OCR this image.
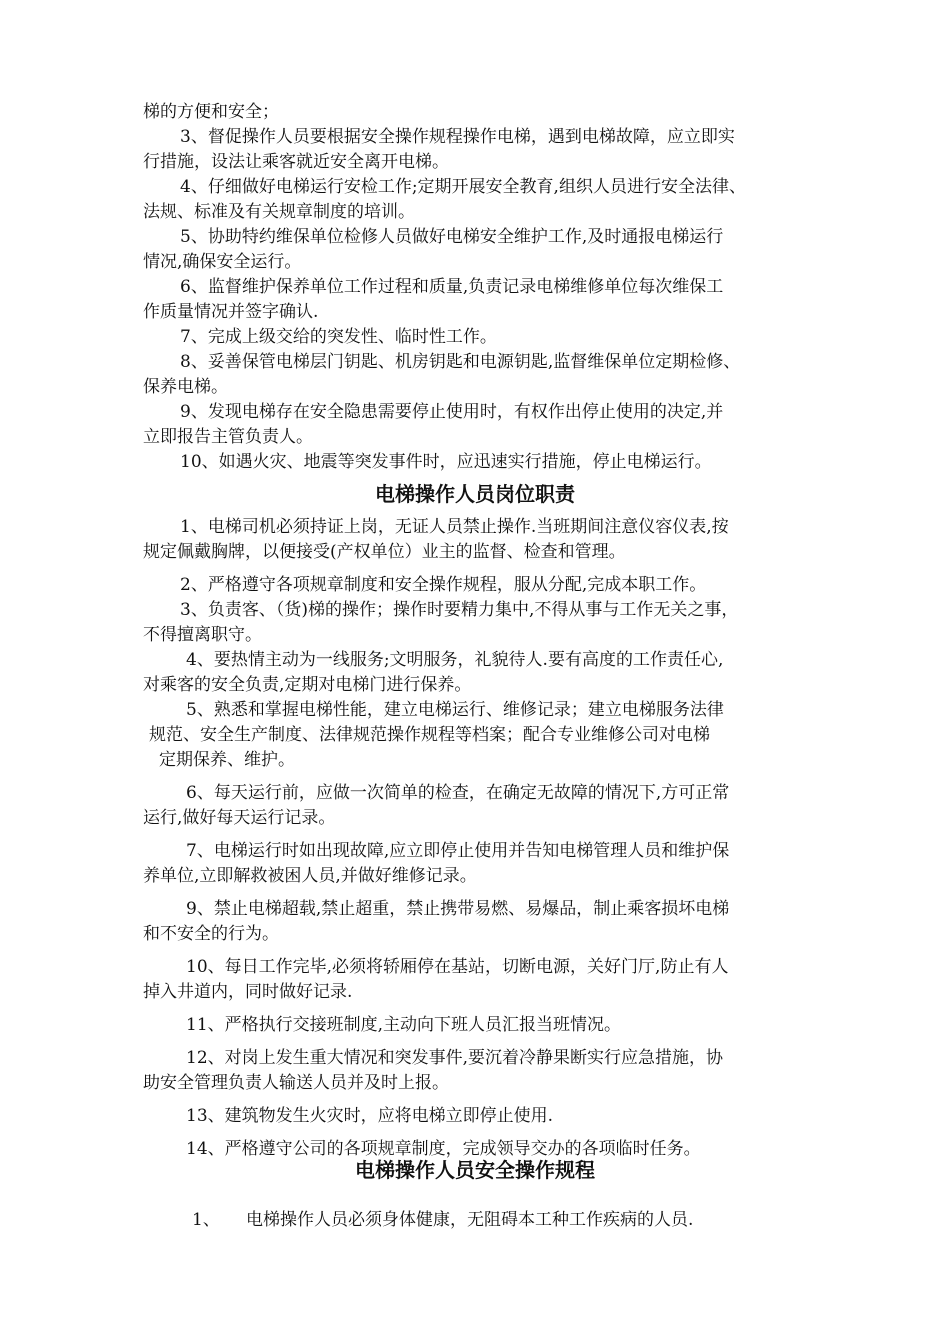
梯的方便和安全；

3、督促操作人员要根据安全操作规程操作电梯，遇到电梯故障，应立即实

行措施，设法让乘客就近安全离开电梯。

4、仔细做好电梯运行安检工作;定期开展安全教育,组织人员进行安全法律、

法规、标准及有关规章制度的培训。

5、协助特约维保单位检修人员做好电梯安全维护工作,及时通报电梯运行

情况,确保安全运行。

6、监督维护保养单位工作过程和质量,负责记录电梯维修单位每次维保工

作质量情况并签字确认.

7、完成上级交给的突发性、临时性工作。

8、妥善保管电梯层门钥匙、机房钥匙和电源钥匙,监督维保单位定期检修、

保养电梯。

9、发现电梯存在安全隐患需要停止使用时，有权作出停止使用的决定,并

立即报告主管负责人。

10、如遇火灾、地震等突发事件时，应迅速实行措施，停止电梯运行。

电梯操作人员岗位职责

1、电梯司机必须持证上岗，无证人员禁止操作.当班期间注意仪容仪表,按

规定佩戴胸牌，以便接受(产权单位）业主的监督、检查和管理。

2、严格遵守各项规章制度和安全操作规程，服从分配,完成本职工作。

3、负责客、（货)梯的操作；操作时要精力集中,不得从事与工作无关之事，

不得擅离职守。

4、要热情主动为一线服务;文明服务，礼貌待人.要有高度的工作责任心,

对乘客的安全负责,定期对电梯门进行保养。

5、熟悉和掌握电梯性能，建立电梯运行、维修记录；建立电梯服务法律

规范、安全生产制度、法律规范操作规程等档案；配合专业维修公司对电梯

定期保养、维护。

6、每天运行前，应做一次简单的检查，在确定无故障的情况下,方可正常

运行,做好每天运行记录。

7、电梯运行时如出现故障,应立即停止使用并告知电梯管理人员和维护保

养单位,立即解救被困人员,并做好维修记录。

9、禁止电梯超载,禁止超重，禁止携带易燃、易爆品，制止乘客损坏电梯

和不安全的行为。

10、每日工作完毕,必须将轿厢停在基站，切断电源，关好门厅,防止有人

掉入井道内，同时做好记录.

11、严格执行交接班制度,主动向下班人员汇报当班情况。

12、对岗上发生重大情况和突发事件,要沉着冷静果断实行应急措施，协

助安全管理负责人输送人员并及时上报。

13、建筑物发生火灾时，应将电梯立即停止使用.

14、严格遵守公司的各项规章制度，完成领导交办的各项临时任务。

电梯操作人员安全操作规程

1、 电梯操作人员必须身体健康，无阻碍本工种工作疾病的人员.
